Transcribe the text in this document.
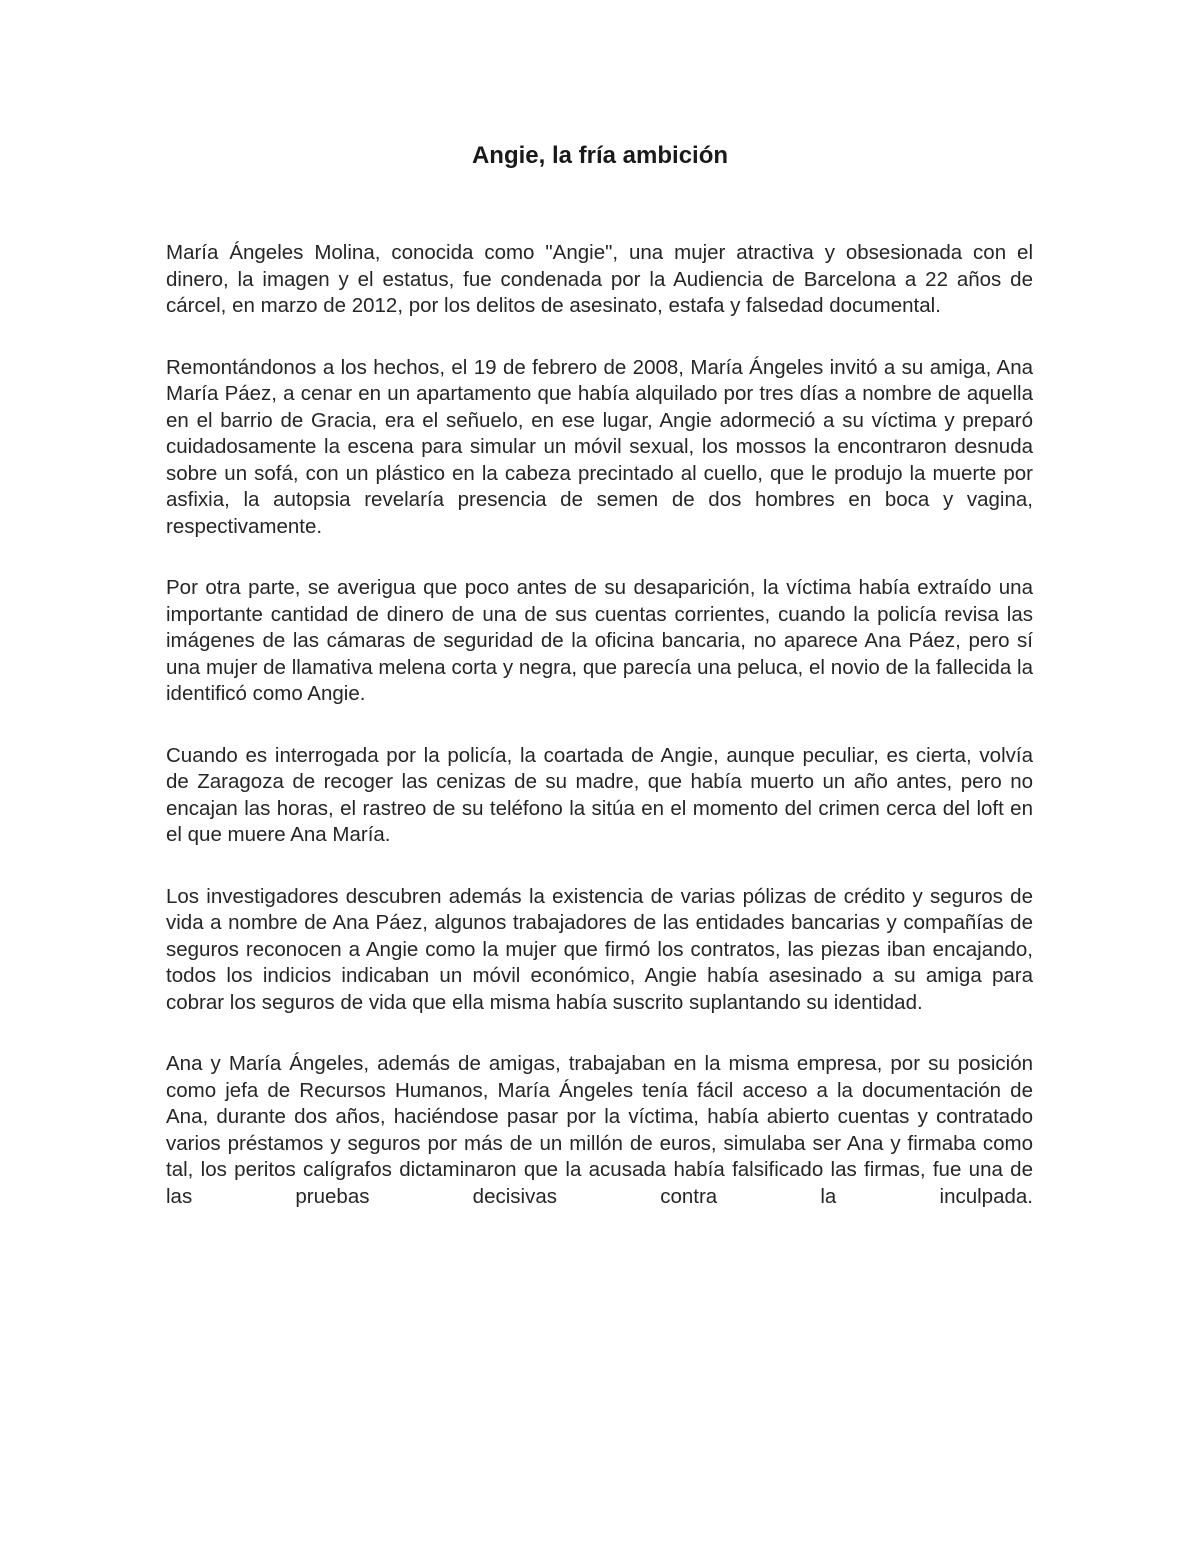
Angie, la fría ambición

María Ángeles Molina, conocida como "Angie", una mujer atractiva y obsesionada con el dinero, la imagen y el estatus, fue condenada por la Audiencia de Barcelona a 22 años de cárcel, en marzo de 2012, por los delitos de asesinato, estafa y falsedad documental.

Remontándonos a los hechos, el 19 de febrero de 2008, María Ángeles invitó a su amiga, Ana María Páez, a cenar en un apartamento que había alquilado por tres días a nombre de aquella en el barrio de Gracia, era el señuelo, en ese lugar, Angie adormeció a su víctima y preparó cuidadosamente la escena para simular un móvil sexual, los mossos la encontraron desnuda sobre un sofá, con un plástico en la cabeza precintado al cuello, que le produjo la muerte por asfixia, la autopsia revelaría presencia de semen de dos hombres en boca y vagina, respectivamente.

Por otra parte, se averigua que poco antes de su desaparición, la víctima había extraído una importante cantidad de dinero de una de sus cuentas corrientes, cuando la policía revisa las imágenes de las cámaras de seguridad de la oficina bancaria, no aparece Ana Páez, pero sí una mujer de llamativa melena corta y negra, que parecía una peluca, el novio de la fallecida la identificó como Angie.

Cuando es interrogada por la policía, la coartada de Angie, aunque peculiar, es cierta, volvía de Zaragoza de recoger las cenizas de su madre, que había muerto un año antes, pero no encajan las horas, el rastreo de su teléfono la sitúa en el momento del crimen cerca del loft en el que muere Ana María.

Los investigadores descubren además la existencia de varias pólizas de crédito y seguros de vida a nombre de Ana Páez, algunos trabajadores de las entidades bancarias y compañías de seguros reconocen a Angie como la mujer que firmó los contratos, las piezas iban encajando, todos los indicios indicaban un móvil económico, Angie había asesinado a su amiga para cobrar los seguros de vida que ella misma había suscrito suplantando su identidad.

Ana y María Ángeles, además de amigas, trabajaban en la misma empresa, por su posición como jefa de Recursos Humanos, María Ángeles tenía fácil acceso a la documentación de Ana, durante dos años, haciéndose pasar por la víctima, había abierto cuentas y contratado varios préstamos y seguros por más de un millón de euros, simulaba ser Ana y firmaba como tal, los peritos calígrafos dictaminaron que la acusada había falsificado las firmas, fue una de las pruebas decisivas contra la inculpada.
